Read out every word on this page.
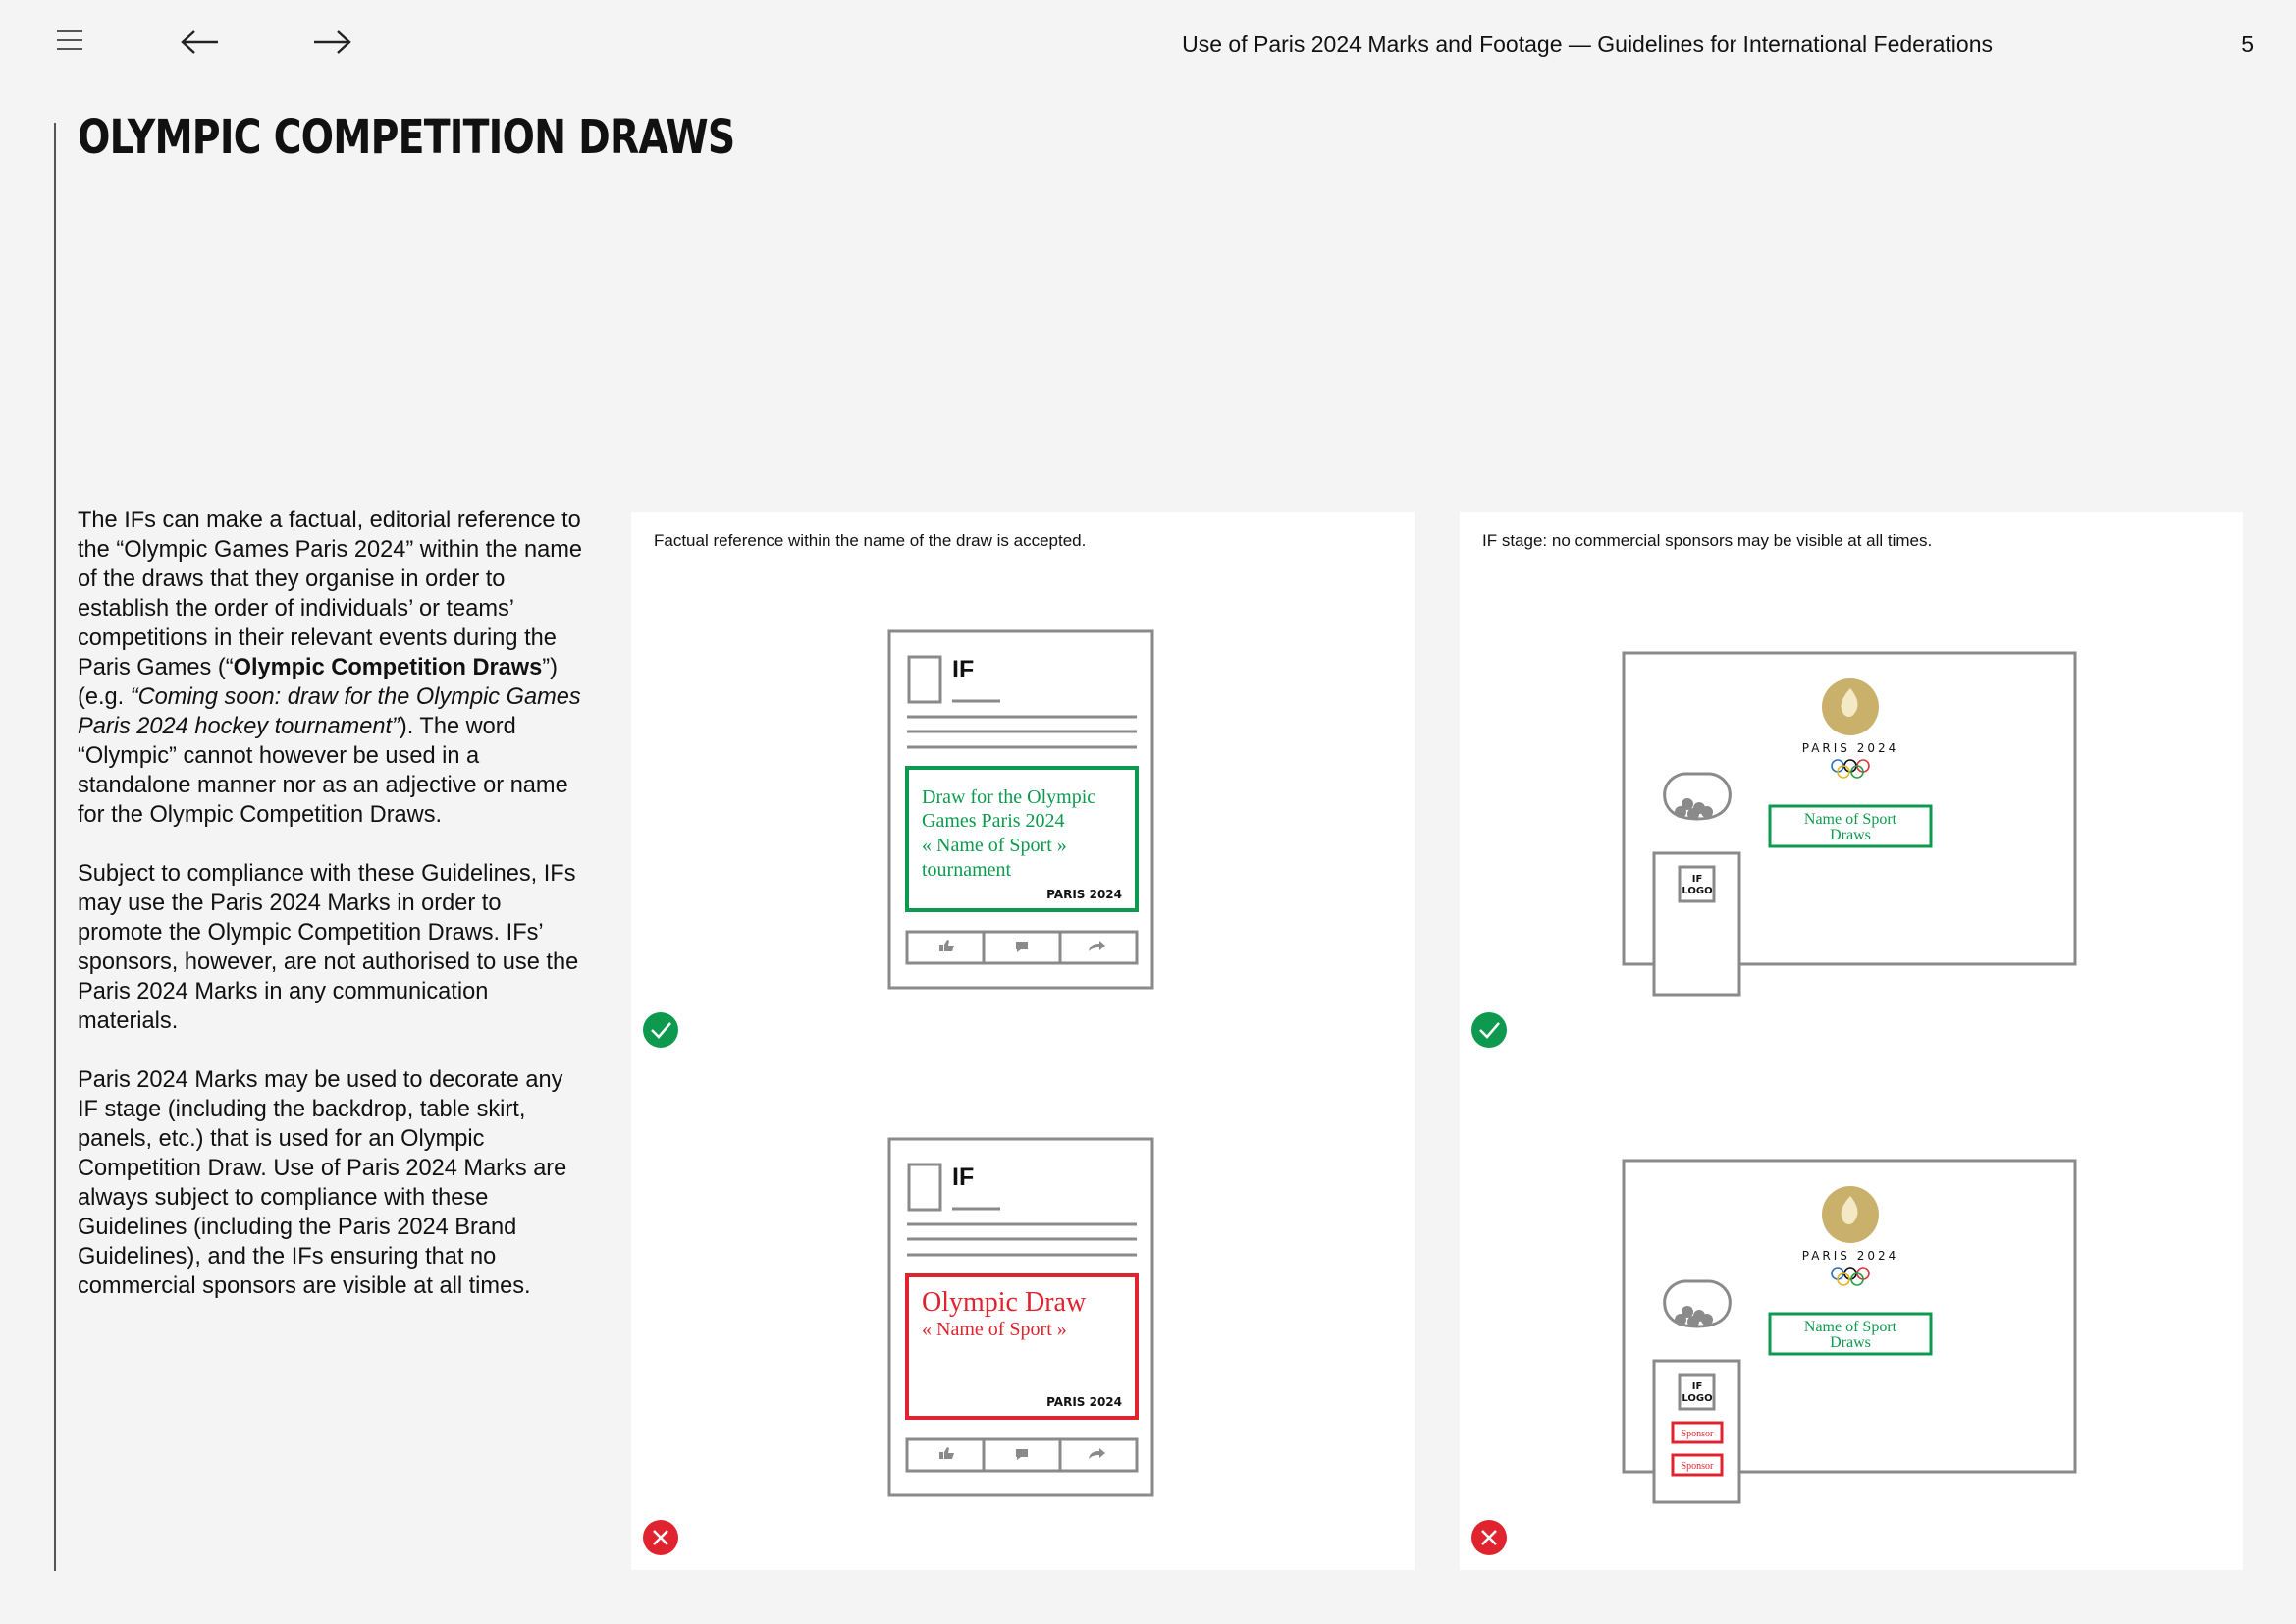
Use of Paris 2024 Marks and Footage — Guidelines for International Federations	5
OLYMPIC COMPETITION DRAWS

The IFs can make a factual, editorial reference to the “Olympic Games Paris 2024” within the name of the draws that they organise in order to establish the order of individuals’ or teams’ competitions in their relevant events during the Paris Games (“Olympic Competition Draws”) (e.g. “Coming soon: draw for the Olympic Games Paris 2024 hockey tournament”). The word “Olympic” cannot however be used in a standalone manner nor as an adjective or name for the Olympic Competition Draws.

Subject to compliance with these Guidelines, IFs may use the Paris 2024 Marks in order to promote the Olympic Competition Draws. IFs’ sponsors, however, are not authorised to use the Paris 2024 Marks in any communication materials.

Paris 2024 Marks may be used to decorate any IF stage (including the backdrop, table skirt, panels, etc.) that is used for an Olympic Competition Draw. Use of Paris 2024 Marks are always subject to compliance with these Guidelines (including the Paris 2024 Brand Guidelines), and the IFs ensuring that no commercial sponsors are visible at all times.

Factual reference within the name of the draw is accepted.
IF
Draw for the Olympic
Games Paris 2024
« Name of Sport »
tournament
PARIS 2024
IF
Olympic Draw
« Name of Sport »
PARIS 2024
IF stage: no commercial sponsors may be visible at all times.
PARIS 2024
Name of Sport
Draws
IF
LOGO
PARIS 2024
Name of Sport
Draws
IF
LOGO
Sponsor
Sponsor
